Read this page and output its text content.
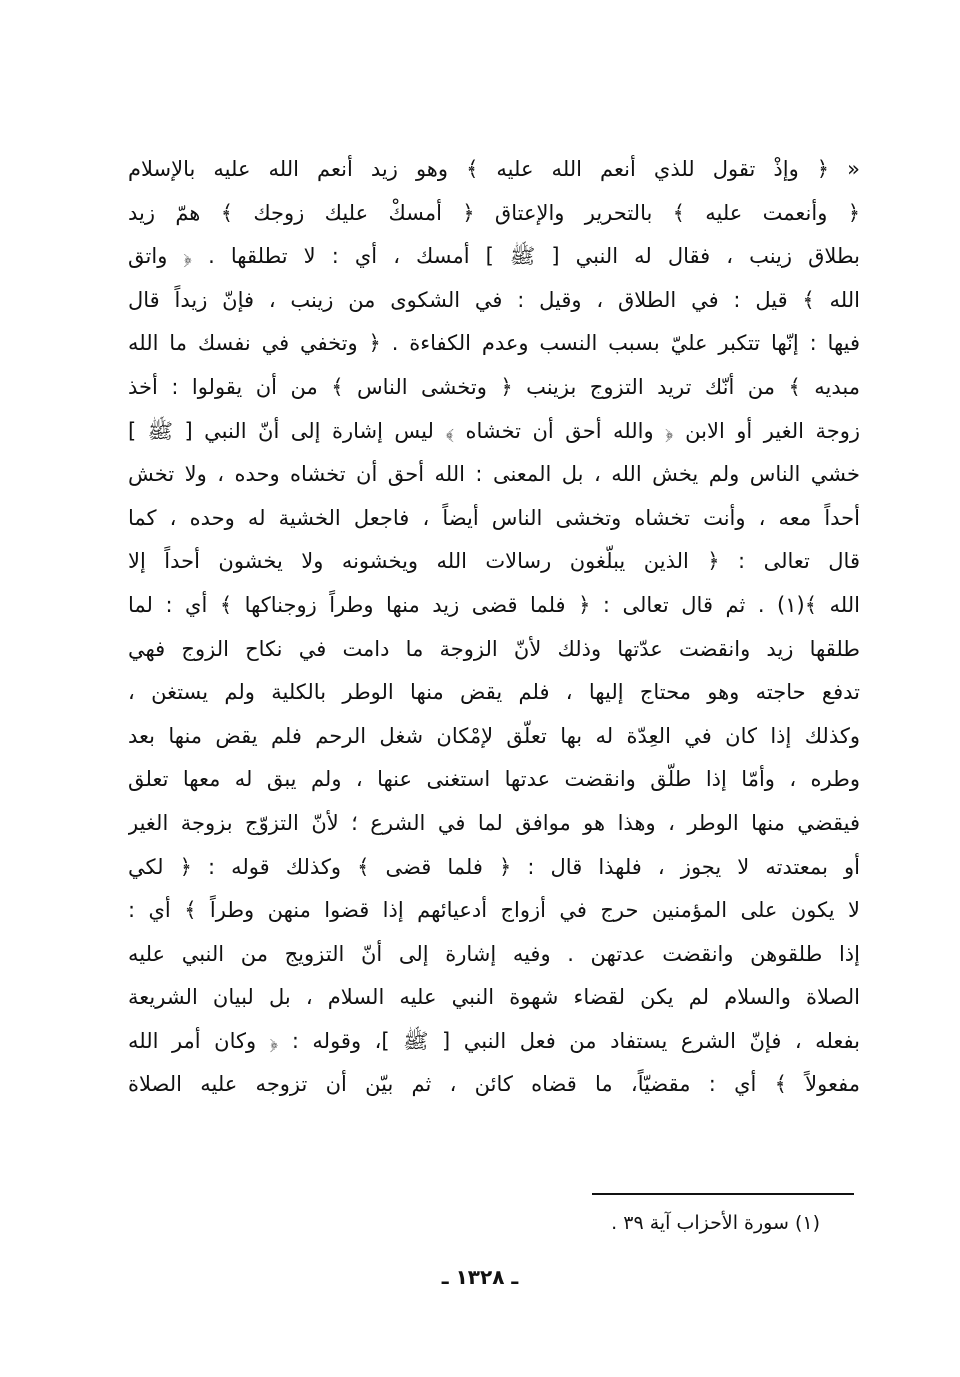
« ﴿ وإذْ تقول للذي أنعم الله عليه ﴾ وهو زيد أنعم الله عليه بالإسلام
﴿ وأنعمت عليه ﴾ بالتحرير والإعتاق ﴿ أمسكْ عليك زوجك ﴾ همّ زيد
بطلاق زينب ، فقال له النبي [ ﷺ ] أمسك ، أي : لا تطلقها . ﴿ واتق
الله ﴾ قيل : في الطلاق ، وقيل : في الشكوى من زينب ، فإنّ زيداً قال
فيها : إنّها تتكبر عليّ بسبب النسب وعدم الكفاءة . ﴿ وتخفي في نفسك ما الله
مبديه ﴾ من أنّك تريد التزوج بزينب ﴿ وتخشى الناس ﴾ من أن يقولوا : أخذ
زوجة الغير أو الابن ﴿ والله أحق أن تخشاه ﴾ ليس إشارة إلى أنّ النبي [ ﷺ ]
خشي الناس ولم يخش الله ، بل المعنى : الله أحق أن تخشاه وحده ، ولا تخش
أحداً معه ، وأنت تخشاه وتخشى الناس أيضاً ، فاجعل الخشية له وحده ، كما
قال تعالى : ﴿ الذين يبلّغون رسالات الله ويخشونه ولا يخشون أحداً إلا
الله ﴾(١) . ثم قال تعالى : ﴿ فلما قضى زيد منها وطراً زوجناكها ﴾ أي : لما
طلقها زيد وانقضت عدّتها وذلك لأنّ الزوجة ما دامت في نكاح الزوج فهي
تدفع حاجته وهو محتاج إليها ، فلم يقض منها الوطر بالكلية ولم يستغن ،
وكذلك إذا كان في العِدّة له بها تعلّق لإمْكان شغل الرحم فلم يقض منها بعد
وطره ، وأمّا إذا طلّق وانقضت عدتها استغنى عنها ، ولم يبق له معها تعلق
فيقضي منها الوطر ، وهذا هو موافق لما في الشرع ؛ لأنّ التزوّج بزوجة الغير
أو بمعتدته لا يجوز ، فلهذا قال : ﴿ فلما قضى ﴾ وكذلك قوله : ﴿ لكي
لا يكون على المؤمنين حرج في أزواج أدعيائهم إذا قضوا منهن وطراً ﴾ أي :
إذا طلقوهن وانقضت عدتهن . وفيه إشارة إلى أنّ التزويج من النبي عليه
الصلاة والسلام لم يكن لقضاء شهوة النبي عليه السلام ، بل لبيان الشريعة
بفعله ، فإنّ الشرع يستفاد من فعل النبي [ ﷺ ]، وقوله : ﴿ وكان أمر الله
مفعولاً ﴾ أي : مقضيّاً، ما قضاه كائن ، ثم بيّن أن تزوجه عليه الصلاة
(١) سورة الأحزاب آية ٣٩ .
ـ ١٣٢٨ ـ
